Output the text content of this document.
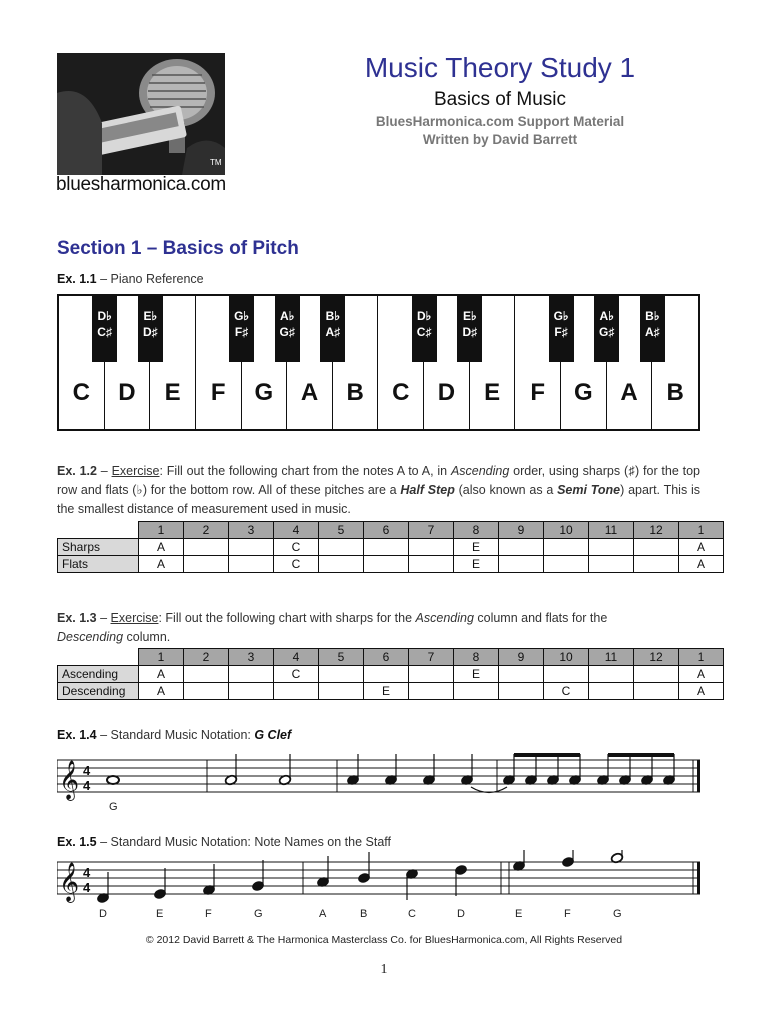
TM
bluesharmonica.com
Music Theory Study 1
Basics of Music
BluesHarmonica.com Support Material
Written by David Barrett
Section 1 – Basics of Pitch
Ex. 1.1 – Piano Reference
C	D	E	F	G	A	B	C	D	E	F	G	A	B
D♭
C♯
E♭
D♯
G♭
F♯
A♭
G♯
B♭
A♯
D♭
C♯
E♭
D♯
G♭
F♯
A♭
G♯
B♭
A♯
Ex. 1.2 – Exercise: Fill out the following chart from the notes A to A, in Ascending order, using sharps (♯) for the top row and flats (♭) for the bottom row. All of these pitches are a Half Step (also known as a Semi Tone) apart. This is the smallest distance of measurement used in music.
	1	2	3	4	5	6	7	8	9	10	11	12	1
Sharps	A			C				E					A
Flats	A			C				E					A
Ex. 1.3 – Exercise: Fill out the following chart with sharps for the Ascending column and flats for the
Descending column.
	1	2	3	4	5	6	7	8	9	10	11	12	1
Ascending	A			C				E					A
Descending	A					E				C			A
Ex. 1.4 – Standard Music Notation: G Clef
𝄞 4
4
G
Ex. 1.5 – Standard Music Notation: Note Names on the Staff
𝄞 4
4
D	E	F	G	A	B	C	D	E	F	G
© 2012 David Barrett & The Harmonica Masterclass Co. for BluesHarmonica.com, All Rights Reserved
1
